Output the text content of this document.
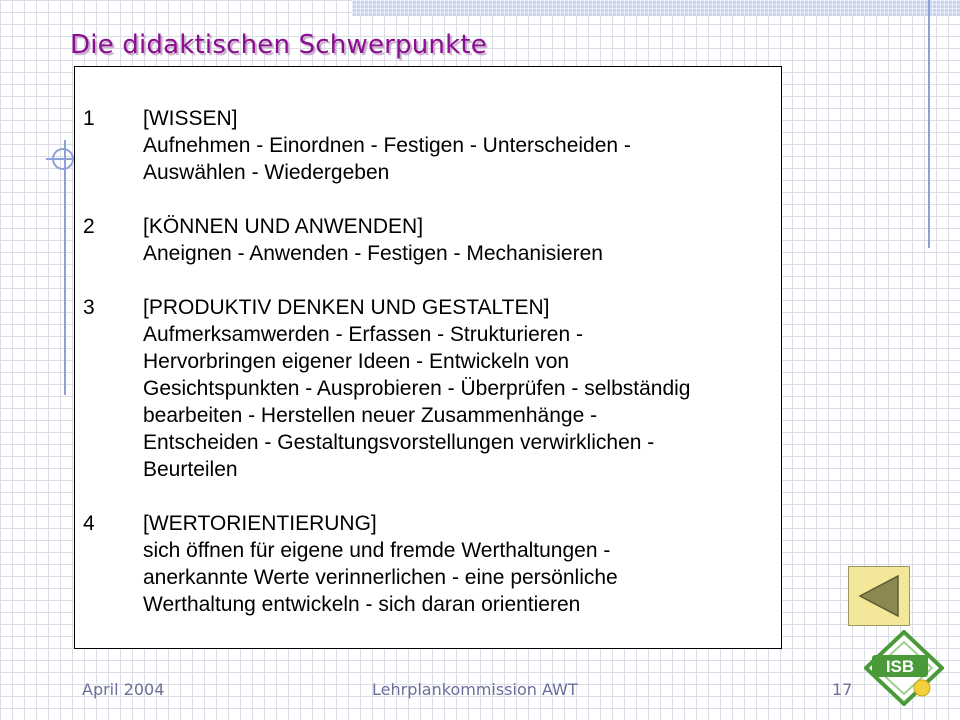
Die didaktischen Schwerpunkte
1 [WISSEN]
Aufnehmen - Einordnen - Festigen - Unterscheiden -
Auswählen - Wiedergeben
2 [KÖNNEN UND ANWENDEN]
Aneignen - Anwenden - Festigen - Mechanisieren
3 [PRODUKTIV DENKEN UND GESTALTEN]
Aufmerksamwerden - Erfassen - Strukturieren -
Hervorbringen eigener Ideen - Entwickeln von
Gesichtspunkten - Ausprobieren - Überprüfen - selbständig
bearbeiten - Herstellen neuer Zusammenhänge -
Entscheiden - Gestaltungsvorstellungen verwirklichen -
Beurteilen
4 [WERTORIENTIERUNG]
sich öffnen für eigene und fremde Werthaltungen -
anerkannte Werte verinnerlichen - eine persönliche
Werthaltung entwickeln - sich daran orientieren
April 2004	Lehrplankommission AWT	17
ISB
